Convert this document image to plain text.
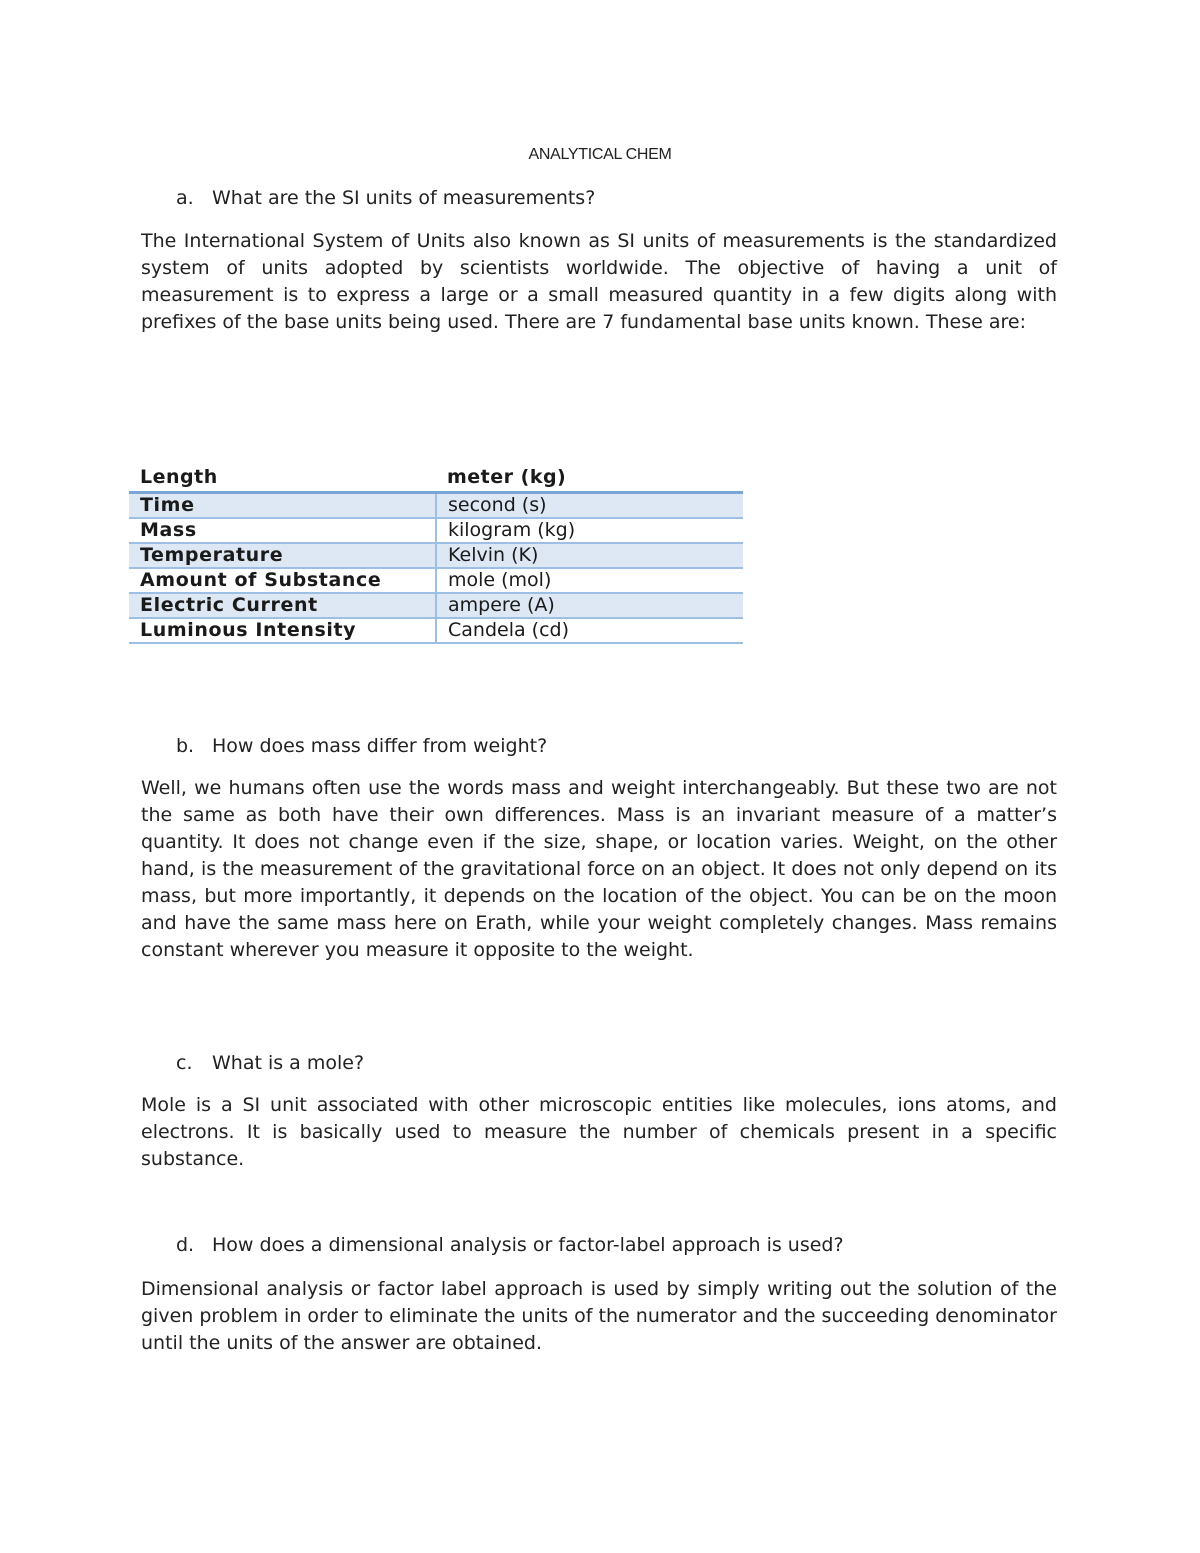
ANALYTICAL CHEM
a. What are the SI units of measurements?
The International System of Units also known as SI units of measurements is the standardized system of units adopted by scientists worldwide. The objective of having a unit of measurement is to express a large or a small measured quantity in a few digits along with prefixes of the base units being used. There are 7 fundamental base units known. These are:
Length	meter (kg)
Time	second (s)
Mass	kilogram (kg)
Temperature	Kelvin (K)
Amount of Substance	mole (mol)
Electric Current	ampere (A)
Luminous Intensity	Candela (cd)
b. How does mass differ from weight?
Well, we humans often use the words mass and weight interchangeably. But these two are not the same as both have their own differences. Mass is an invariant measure of a matter’s quantity. It does not change even if the size, shape, or location varies. Weight, on the other hand, is the measurement of the gravitational force on an object. It does not only depend on its mass, but more importantly, it depends on the location of the object. You can be on the moon and have the same mass here on Erath, while your weight completely changes. Mass remains constant wherever you measure it opposite to the weight.
c. What is a mole?
Mole is a SI unit associated with other microscopic entities like molecules, ions atoms, and electrons. It is basically used to measure the number of chemicals present in a specific substance.
d. How does a dimensional analysis or factor-label approach is used?
Dimensional analysis or factor label approach is used by simply writing out the solution of the given problem in order to eliminate the units of the numerator and the succeeding denominator until the units of the answer are obtained.
